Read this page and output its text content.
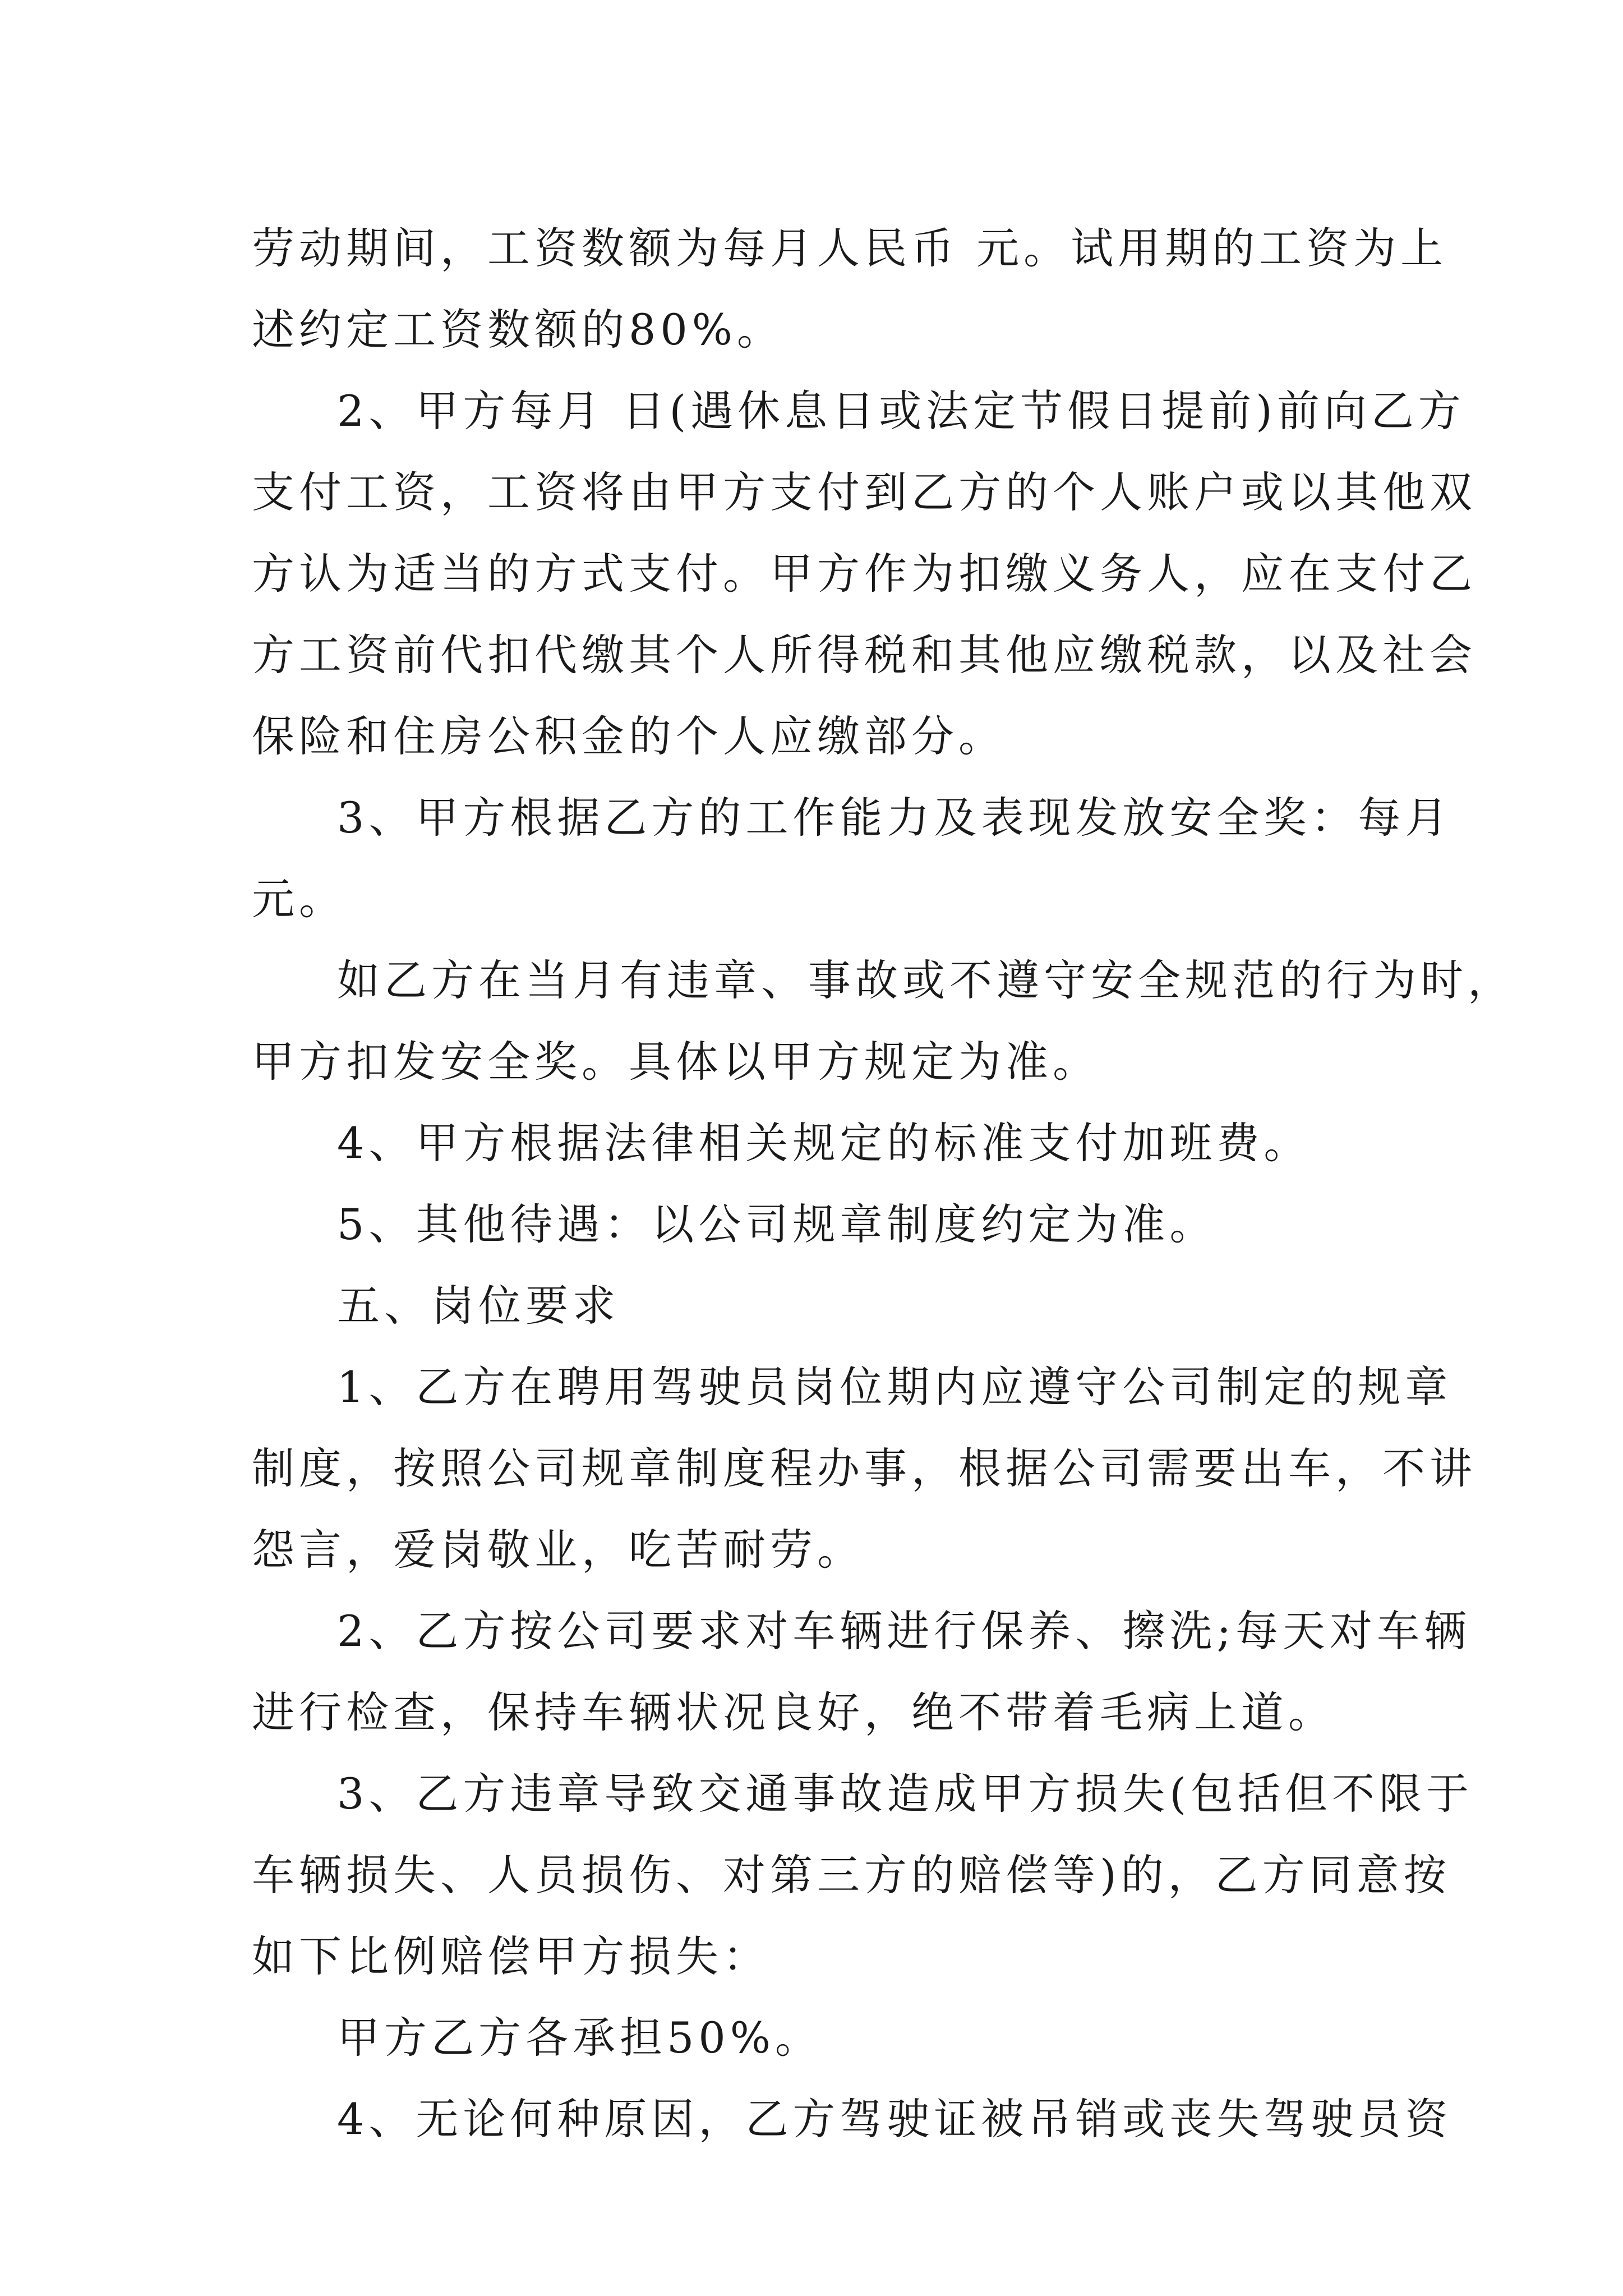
劳动期间，工资数额为每月人民币 元。试用期的工资为上

述约定工资数额的80%。

2、甲方每月 日(遇休息日或法定节假日提前)前向乙方

支付工资，工资将由甲方支付到乙方的个人账户或以其他双

方认为适当的方式支付。甲方作为扣缴义务人，应在支付乙

方工资前代扣代缴其个人所得税和其他应缴税款，以及社会

保险和住房公积金的个人应缴部分。

3、甲方根据乙方的工作能力及表现发放安全奖：每月

元。

如乙方在当月有违章、事故或不遵守安全规范的行为时，

甲方扣发安全奖。具体以甲方规定为准。

4、甲方根据法律相关规定的标准支付加班费。

5、其他待遇：以公司规章制度约定为准。

五、岗位要求

1、乙方在聘用驾驶员岗位期内应遵守公司制定的规章

制度，按照公司规章制度程办事，根据公司需要出车，不讲

怨言，爱岗敬业，吃苦耐劳。

2、乙方按公司要求对车辆进行保养、擦洗;每天对车辆

进行检查，保持车辆状况良好，绝不带着毛病上道。

3、乙方违章导致交通事故造成甲方损失(包括但不限于

车辆损失、人员损伤、对第三方的赔偿等)的，乙方同意按

如下比例赔偿甲方损失：

甲方乙方各承担50%。

4、无论何种原因，乙方驾驶证被吊销或丧失驾驶员资
